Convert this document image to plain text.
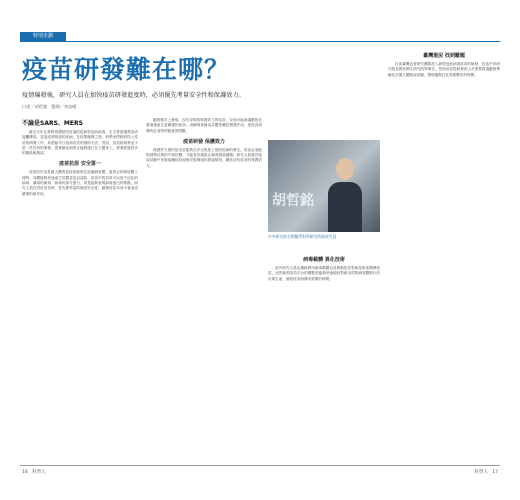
特別企劃
疫苗研發難在哪？
疫情爆發後，研究人員在加快疫苗研發進度時，必須優先考量安全性和保護效力。
口述／胡哲銘　整理／李詩晴
不論是SARS、MERS

最近今年在我們周遭熱烈討論的是新型冠狀病毒，它主要透過飛沫或接觸傳染，並造成呼吸道的疾病。在疫情爆發之後，科學家們紛紛投入疫苗的研發工作，希望能早日找到有效的預防方法。然而，疫苗的研發並不是一件容易的事情，從實驗室到真正能夠施打在人體身上，需要經過許多的階段與測試。

疫苗抗原 安全第一

疫苗的作用是讓人體的免疫系統預先認識病原體，當真正的病原體入侵時，身體能夠快速產生抗體並加以清除。疫苗中的抗原可以是不活化的病毒、減毒的病毒、病毒的部分蛋白，或是能夠表現病毒蛋白的核酸。研究人員在設計疫苗時，首先要考量的就是安全性，確保疫苗本身不會造成嚴重的副作用。

動物模式上發現，沒有足夠的保護效力的疫苗，反而可能會讓動物在感染後產生更嚴重的症狀。這種現象稱為抗體依賴性增強作用，是疫苗研發時必須特別留意的問題。

疫苗研發 保護效力

保護效力指的是疫苗能夠在多大程度上預防疾病的發生。疫苗必須能夠誘發足夠的中和抗體，才能有效地阻止病毒感染細胞。研究人員會在臨床試驗中比較接種疫苗組與安慰劑組的感染情形，藉此評估疫苗的保護效力。

胡哲銘
中央研究院生物醫學科學研究所助研究員
病毒載體 異化技術

此外研究人員也積極利用病毒載體以及核酸疫苗等新技術來開發疫苗。這些新型疫苗平台的優點是能夠快速地針對新出現的病原體進行設計與生產，縮短疫苗研發所需要的時間。

臺灣現況 找到難題

目前臺灣也有研究團隊投入新型冠狀病毒疫苗的研發，包括中央研究院及國家衛生研究院等單位。然而疫苗從研發到上市需要經過動物實驗及多期人體臨床試驗，整個過程往往需要數年的時間。

16 科學人	科學人 17
